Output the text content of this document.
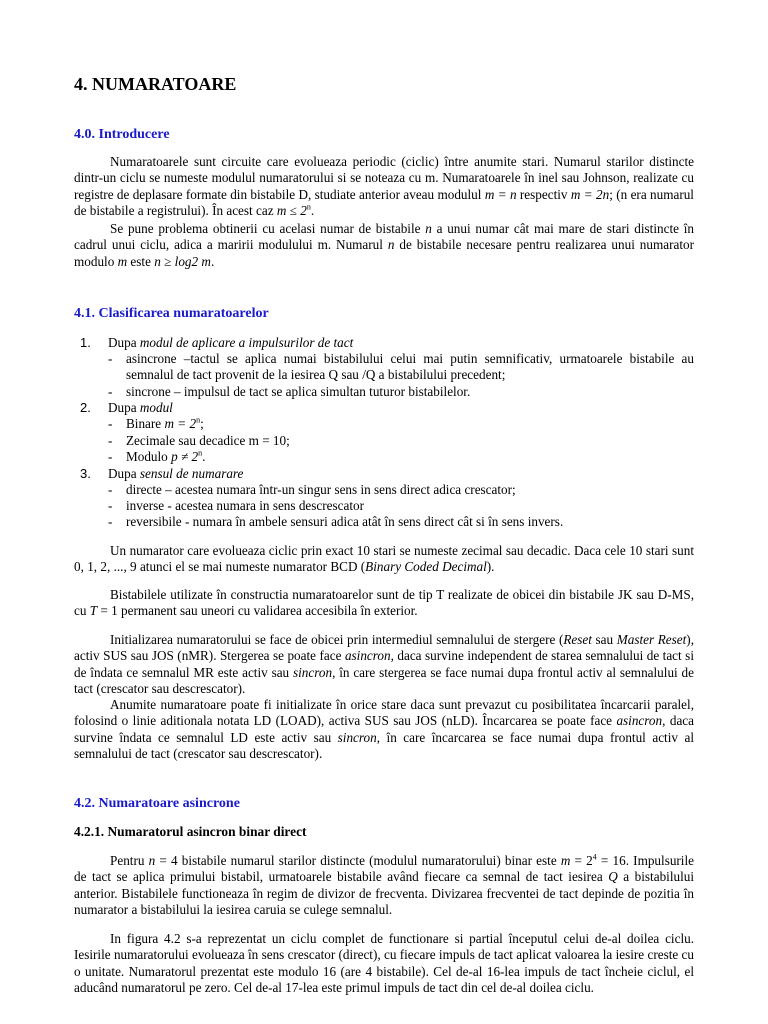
4. NUMARATOARE
4.0. Introducere

Numaratoarele sunt circuite care evolueaza periodic (ciclic) între anumite stari. Numarul starilor distincte dintr-un ciclu se numeste modulul numaratorului si se noteaza cu m. Numaratoarele în inel sau Johnson, realizate cu registre de deplasare formate din bistabile D, studiate anterior aveau modulul m = n respectiv m = 2n; (n era numarul de bistabile a registrului). În acest caz $m \le 2^n$.

Se pune problema obtinerii cu acelasi numar de bistabile n a unui numar cât mai mare de stari distincte în cadrul unui ciclu, adica a maririi modulului m. Numarul n de bistabile necesare pentru realizarea unui numarator modulo m este n ≥ log2 m.

4.1. Clasificarea numaratoarelor
1. Dupa modul de aplicare a impulsurilor de tact
-	asincrone –tactul se aplica numai bistabilului celui mai putin semnificativ, urmatoarele bistabile au semnalul de tact provenit de la iesirea Q sau /Q a bistabilului precedent;
-	sincrone – impulsul de tact se aplica simultan tuturor bistabilelor.
2. Dupa modul
-	Binare $m = 2^n$;
-	Zecimale sau decadice m = 10;
-	Modulo $p \ne 2^n$.
3. Dupa sensul de numarare
-	directe – acestea numara într-un singur sens in sens direct adica crescator;
-	inverse - acestea numara in sens descrescator
-	reversibile - numara în ambele sensuri adica atât în sens direct cât si în sens invers.

Un numarator care evolueaza ciclic prin exact 10 stari se numeste zecimal sau decadic. Daca cele 10 stari sunt 0, 1, 2, ..., 9 atunci el se mai numeste numarator BCD (Binary Coded Decimal).

Bistabilele utilizate în constructia numaratoarelor sunt de tip T realizate de obicei din bistabile JK sau D-MS, cu T = 1 permanent sau uneori cu validarea accesibila în exterior.

Initializarea numaratorului se face de obicei prin intermediul semnalului de stergere (Reset sau Master Reset), activ SUS sau JOS (nMR). Stergerea se poate face asincron, daca survine independent de starea semnalului de tact si de îndata ce semnalul MR este activ sau sincron, în care stergerea se face numai dupa frontul activ al semnalului de tact (crescator sau descrescator).

Anumite numaratoare poate fi initializate în orice stare daca sunt prevazut cu posibilitatea încarcarii paralel, folosind o linie aditionala notata LD (LOAD), activa SUS sau JOS (nLD). Încarcarea se poate face asincron, daca survine îndata ce semnalul LD este activ sau sincron, în care încarcarea se face numai dupa frontul activ al semnalului de tact (crescator sau descrescator).

4.2. Numaratoare asincrone
4.2.1. Numaratorul asincron binar direct

Pentru n = 4 bistabile numarul starilor distincte (modulul numaratorului) binar este $m = 2^4 = 16$. Impulsurile de tact se aplica primului bistabil, urmatoarele bistabile având fiecare ca semnal de tact iesirea Q a bistabilului anterior. Bistabilele functioneaza în regim de divizor de frecventa. Divizarea frecventei de tact depinde de pozitia în numarator a bistabilului la iesirea caruia se culege semnalul.

In figura 4.2 s-a reprezentat un ciclu complet de functionare si partial începutul celui de-al doilea ciclu. Iesirile numaratorului evolueaza în sens crescator (direct), cu fiecare impuls de tact aplicat valoarea la iesire creste cu o unitate. Numaratorul prezentat este modulo 16 (are 4 bistabile). Cel de-al 16-lea impuls de tact încheie ciclul, el aducând numaratorul pe zero. Cel de-al 17-lea este primul impuls de tact din cel de-al doilea ciclu.
